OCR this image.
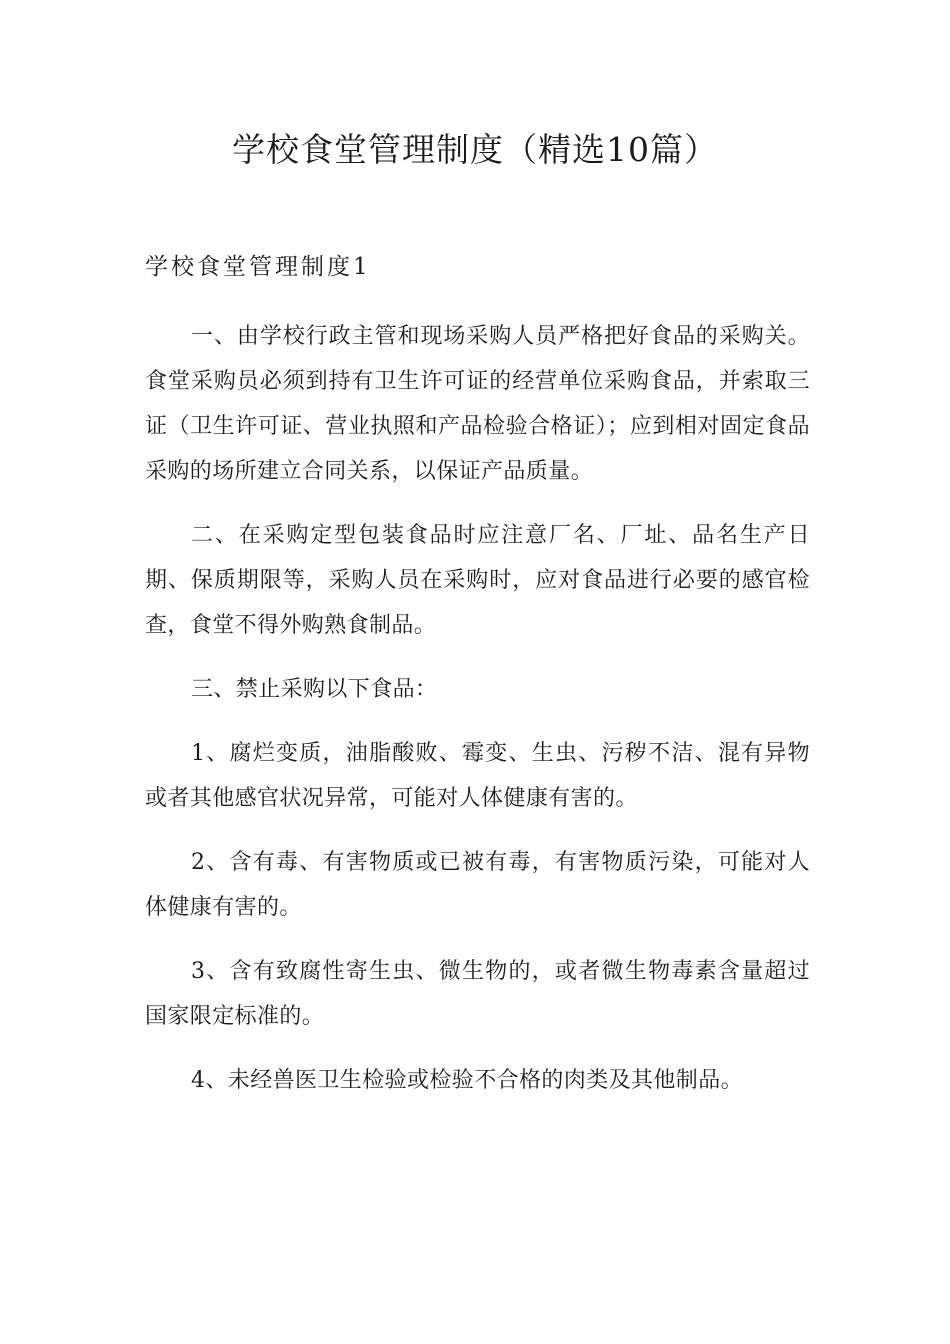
学校食堂管理制度（精选10篇）
学校食堂管理制度1

一、由学校行政主管和现场采购人员严格把好食品的采购关。食堂采购员必须到持有卫生许可证的经营单位采购食品，并索取三证（卫生许可证、营业执照和产品检验合格证）；应到相对固定食品采购的场所建立合同关系，以保证产品质量。

二、在采购定型包装食品时应注意厂名、厂址、品名生产日期、保质期限等，采购人员在采购时，应对食品进行必要的感官检查，食堂不得外购熟食制品。

三、禁止采购以下食品：

1、腐烂变质，油脂酸败、霉变、生虫、污秽不洁、混有异物或者其他感官状况异常，可能对人体健康有害的。

2、含有毒、有害物质或已被有毒，有害物质污染，可能对人体健康有害的。

3、含有致腐性寄生虫、微生物的，或者微生物毒素含量超过国家限定标准的。

4、未经兽医卫生检验或检验不合格的肉类及其他制品。
